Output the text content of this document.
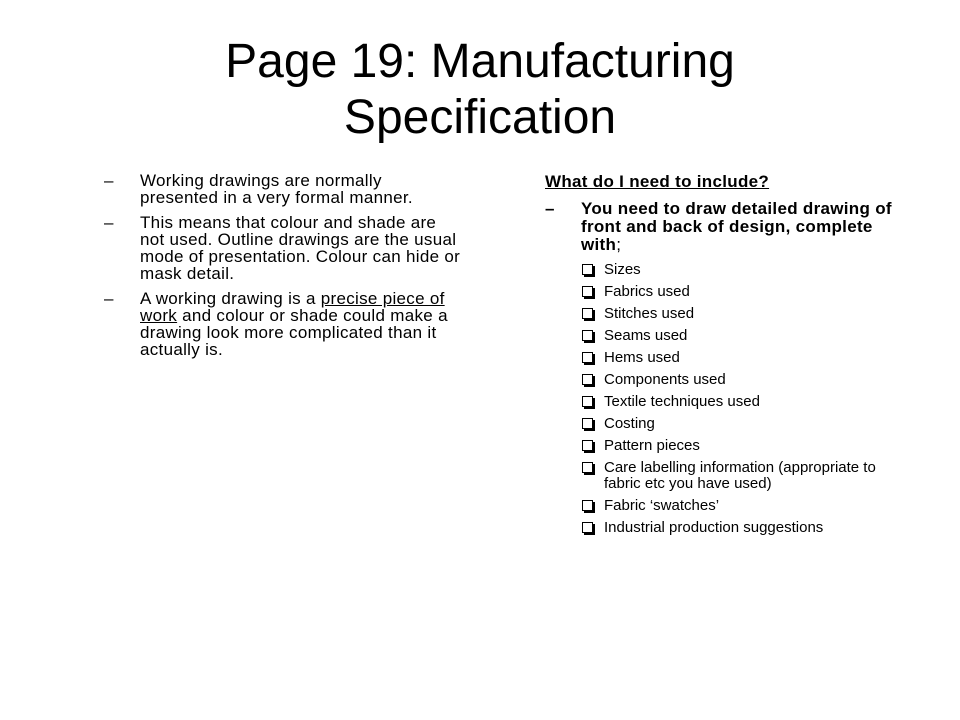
Page 19: Manufacturing
Specification
– Working drawings are normally presented in a very formal manner.
– This means that colour and shade are not used. Outline drawings are the usual mode of presentation. Colour can hide or mask detail.
– A working drawing is a precise piece of work and colour or shade could make a drawing look more complicated than it actually is.

What do I need to include?

– You need to draw detailed drawing of front and back of design, complete with;
Sizes
Fabrics used
Stitches used
Seams used
Hems used
Components used
Textile techniques used
Costing
Pattern pieces
Care labelling information (appropriate to fabric etc you have used)
Fabric ‘swatches’
Industrial production suggestions
